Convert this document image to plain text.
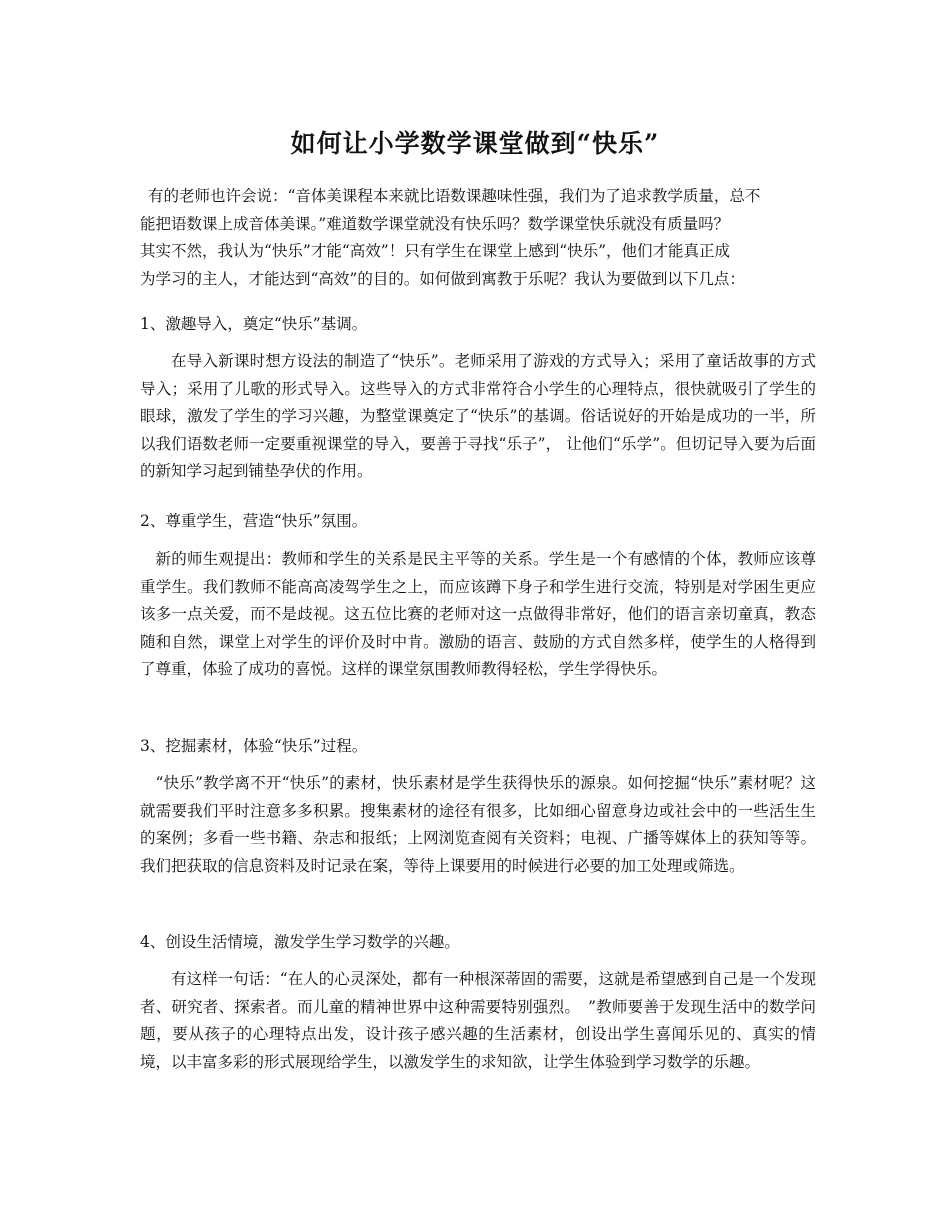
如何让小学数学课堂做到“快乐”
有的老师也许会说：“音体美课程本来就比语数课趣味性强，我们为了追求教学质量，总不
能把语数课上成音体美课。”难道数学课堂就没有快乐吗？数学课堂快乐就没有质量吗？
其实不然，我认为“快乐”才能“高效”！只有学生在课堂上感到“快乐”，他们才能真正成
为学习的主人，才能达到“高效”的目的。如何做到寓教于乐呢？我认为要做到以下几点：

1、激趣导入，奠定“快乐”基调。

在导入新课时想方设法的制造了“快乐”。老师采用了游戏的方式导入；采用了童话故事的方式导入；采用了儿歌的形式导入。这些导入的方式非常符合小学生的心理特点，很快就吸引了学生的眼球，激发了学生的学习兴趣，为整堂课奠定了“快乐”的基调。俗话说好的开始是成功的一半，所以我们语数老师一定要重视课堂的导入，要善于寻找“乐子”， 让他们“乐学”。但切记导入要为后面的新知学习起到铺垫孕伏的作用。

2、尊重学生，营造“快乐”氛围。

新的师生观提出：教师和学生的关系是民主平等的关系。学生是一个有感情的个体，教师应该尊重学生。我们教师不能高高凌驾学生之上，而应该蹲下身子和学生进行交流，特别是对学困生更应该多一点关爱，而不是歧视。这五位比赛的老师对这一点做得非常好，他们的语言亲切童真，教态随和自然，课堂上对学生的评价及时中肯。激励的语言、鼓励的方式自然多样，使学生的人格得到了尊重，体验了成功的喜悦。这样的课堂氛围教师教得轻松，学生学得快乐。

3、挖掘素材，体验“快乐”过程。

“快乐”教学离不开“快乐”的素材，快乐素材是学生获得快乐的源泉。如何挖掘“快乐”素材呢？这就需要我们平时注意多多积累。搜集素材的途径有很多，比如细心留意身边或社会中的一些活生生的案例；多看一些书籍、杂志和报纸；上网浏览查阅有关资料；电视、广播等媒体上的获知等等。我们把获取的信息资料及时记录在案，等待上课要用的时候进行必要的加工处理或筛选。

4、创设生活情境，激发学生学习数学的兴趣。

有这样一句话：“在人的心灵深处，都有一种根深蒂固的需要，这就是希望感到自己是一个发现者、研究者、探索者。而儿童的精神世界中这种需要特别强烈。　”教师要善于发现生活中的数学问题，要从孩子的心理特点出发，设计孩子感兴趣的生活素材，创设出学生喜闻乐见的、真实的情境，以丰富多彩的形式展现给学生，以激发学生的求知欲，让学生体验到学习数学的乐趣。
